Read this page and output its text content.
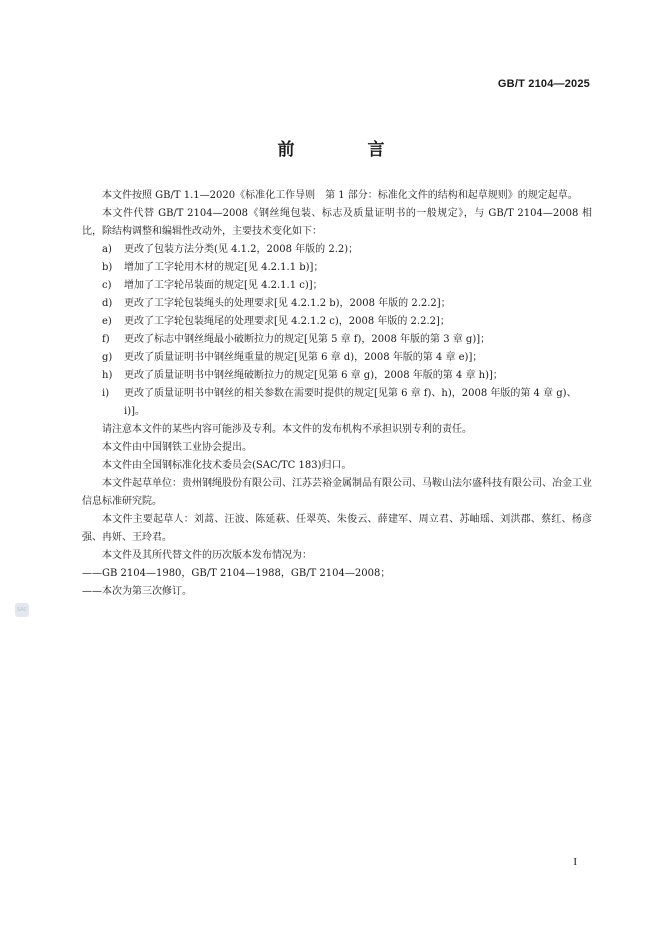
GB/T 2104—2025
前　言

本文件按照 GB/T 1.1—2020《标准化工作导则　第 1 部分：标准化文件的结构和起草规则》的规定起草。

本文件代替 GB/T 2104—2008《钢丝绳包装、标志及质量证明书的一般规定》，与 GB/T 2104—2008 相比，除结构调整和编辑性改动外，主要技术变化如下：

a)	更改了包装方法分类(见 4.1.2，2008 年版的 2.2)；
b)	增加了工字轮用木材的规定[见 4.2.1.1 b)]；
c)	增加了工字轮吊装面的规定[见 4.2.1.1 c)]；
d)	更改了工字轮包装绳头的处理要求[见 4.2.1.2 b)，2008 年版的 2.2.2]；
e)	更改了工字轮包装绳尾的处理要求[见 4.2.1.2 c)，2008 年版的 2.2.2]；
f)	更改了标志中钢丝绳最小破断拉力的规定[见第 5 章 f)，2008 年版的第 3 章 g)]；
g)	更改了质量证明书中钢丝绳重量的规定[见第 6 章 d)，2008 年版的第 4 章 e)]；
h)	更改了质量证明书中钢丝绳破断拉力的规定[见第 6 章 g)，2008 年版的第 4 章 h)]；
i)	更改了质量证明书中钢丝的相关参数在需要时提供的规定[见第 6 章 f)、h)，2008 年版的第 4 章 g)、i)]。

请注意本文件的某些内容可能涉及专利。本文件的发布机构不承担识别专利的责任。

本文件由中国钢铁工业协会提出。

本文件由全国钢标准化技术委员会(SAC/TC 183)归口。

本文件起草单位：贵州钢绳股份有限公司、江苏芸裕金属制品有限公司、马鞍山法尔盛科技有限公司、冶金工业信息标准研究院。

本文件主要起草人：刘蒿、汪波、陈延萩、任翠英、朱俊云、薛建军、周立君、苏岫瑶、刘洪郡、蔡红、杨彦强、冉妍、王玲君。

本文件及其所代替文件的历次版本发布情况为：

——GB 2104—1980，GB/T 2104—1988，GB/T 2104—2008；

——本次为第三次修订。

SAC
I
